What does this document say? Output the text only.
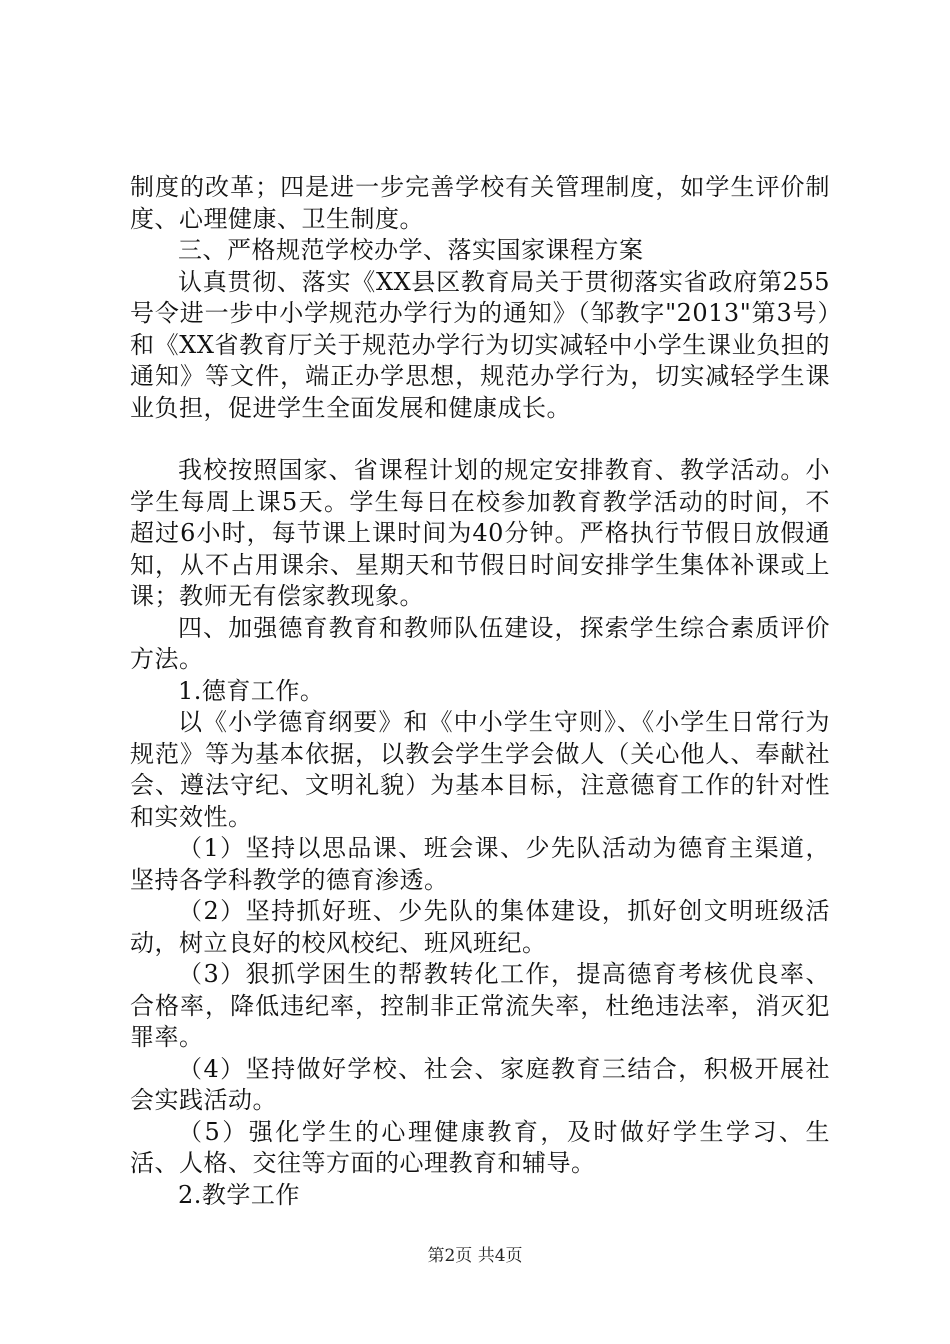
制度的改革；四是进一步完善学校有关管理制度，如学生评价制度、心理健康、卫生制度。

三、严格规范学校办学、落实国家课程方案

认真贯彻、落实《XX县区教育局关于贯彻落实省政府第255号令进一步中小学规范办学行为的通知》（邹教字"2013"第3号）和《XX省教育厅关于规范办学行为切实减轻中小学生课业负担的通知》等文件，端正办学思想，规范办学行为，切实减轻学生课业负担，促进学生全面发展和健康成长。

我校按照国家、省课程计划的规定安排教育、教学活动。小学生每周上课5天。学生每日在校参加教育教学活动的时间，不超过6小时，每节课上课时间为40分钟。严格执行节假日放假通知，从不占用课余、星期天和节假日时间安排学生集体补课或上课；教师无有偿家教现象。

四、加强德育教育和教师队伍建设，探索学生综合素质评价方法。

1.德育工作。

以《小学德育纲要》和《中小学生守则》、《小学生日常行为规范》等为基本依据，以教会学生学会做人（关心他人、奉献社会、遵法守纪、文明礼貌）为基本目标，注意德育工作的针对性和实效性。

（1）坚持以思品课、班会课、少先队活动为德育主渠道，坚持各学科教学的德育渗透。

（2）坚持抓好班、少先队的集体建设，抓好创文明班级活动，树立良好的校风校纪、班风班纪。

（3）狠抓学困生的帮教转化工作，提高德育考核优良率、合格率，降低违纪率，控制非正常流失率，杜绝违法率，消灭犯罪率。

（4）坚持做好学校、社会、家庭教育三结合，积极开展社会实践活动。

（5）强化学生的心理健康教育，及时做好学生学习、生活、人格、交往等方面的心理教育和辅导。

2.教学工作

第2页 共4页
